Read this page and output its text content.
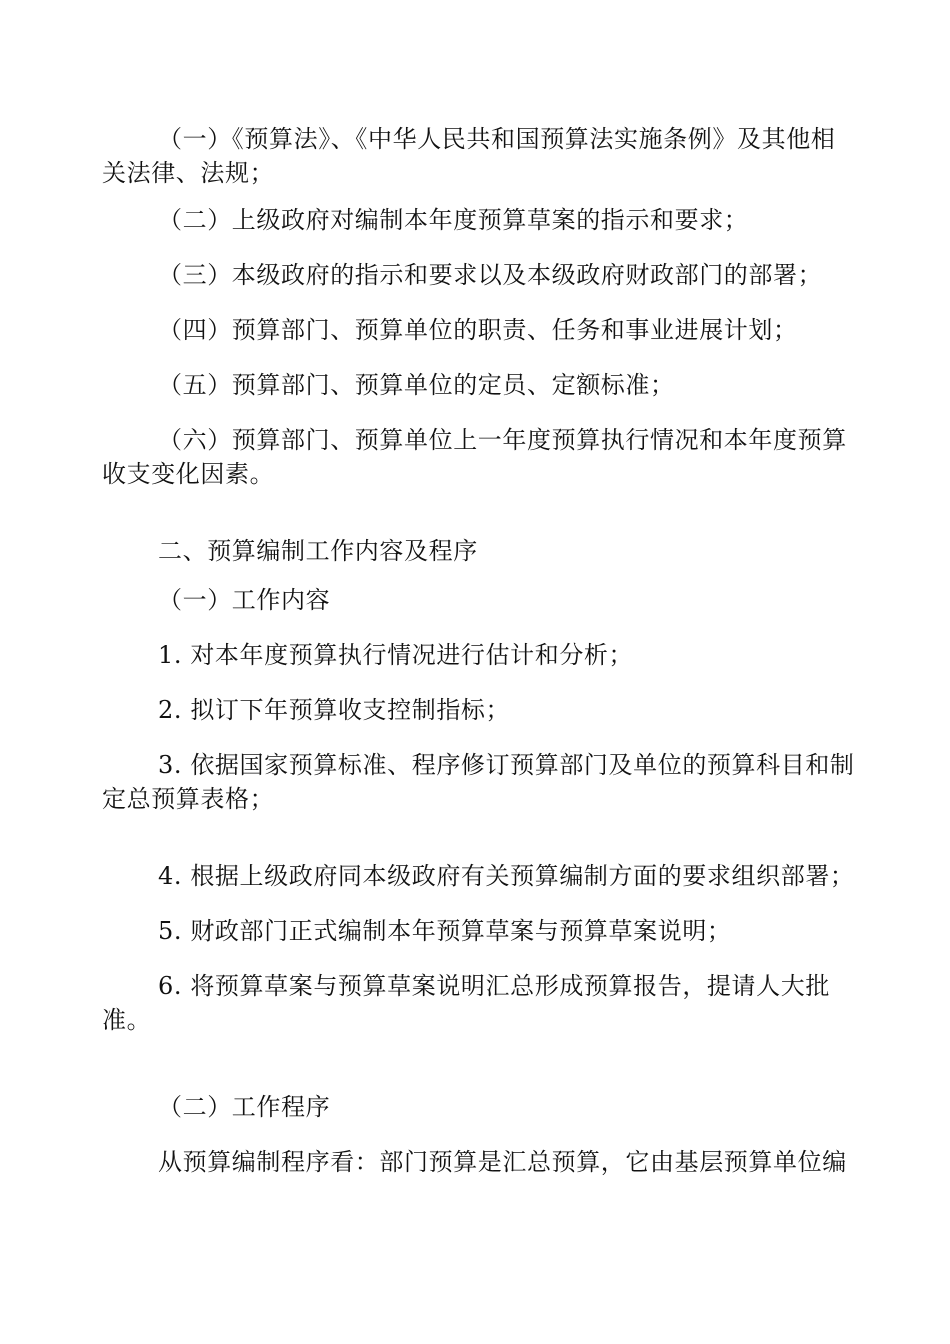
（一）《预算法》、《中华人民共和国预算法实施条例》及其他相关法律、法规；

（二）上级政府对编制本年度预算草案的指示和要求；

（三）本级政府的指示和要求以及本级政府财政部门的部署；

（四）预算部门、预算单位的职责、任务和事业进展计划；

（五）预算部门、预算单位的定员、定额标准；

（六）预算部门、预算单位上一年度预算执行情况和本年度预算收支变化因素。

二、预算编制工作内容及程序
（一）工作内容

1. 对本年度预算执行情况进行估计和分析；

2. 拟订下年预算收支控制指标；

3. 依据国家预算标准、程序修订预算部门及单位的预算科目和制定总预算表格；

4. 根据上级政府同本级政府有关预算编制方面的要求组织部署；

5. 财政部门正式编制本年预算草案与预算草案说明；

6. 将预算草案与预算草案说明汇总形成预算报告，提请人大批准。

（二）工作程序

从预算编制程序看：部门预算是汇总预算，它由基层预算单位编
